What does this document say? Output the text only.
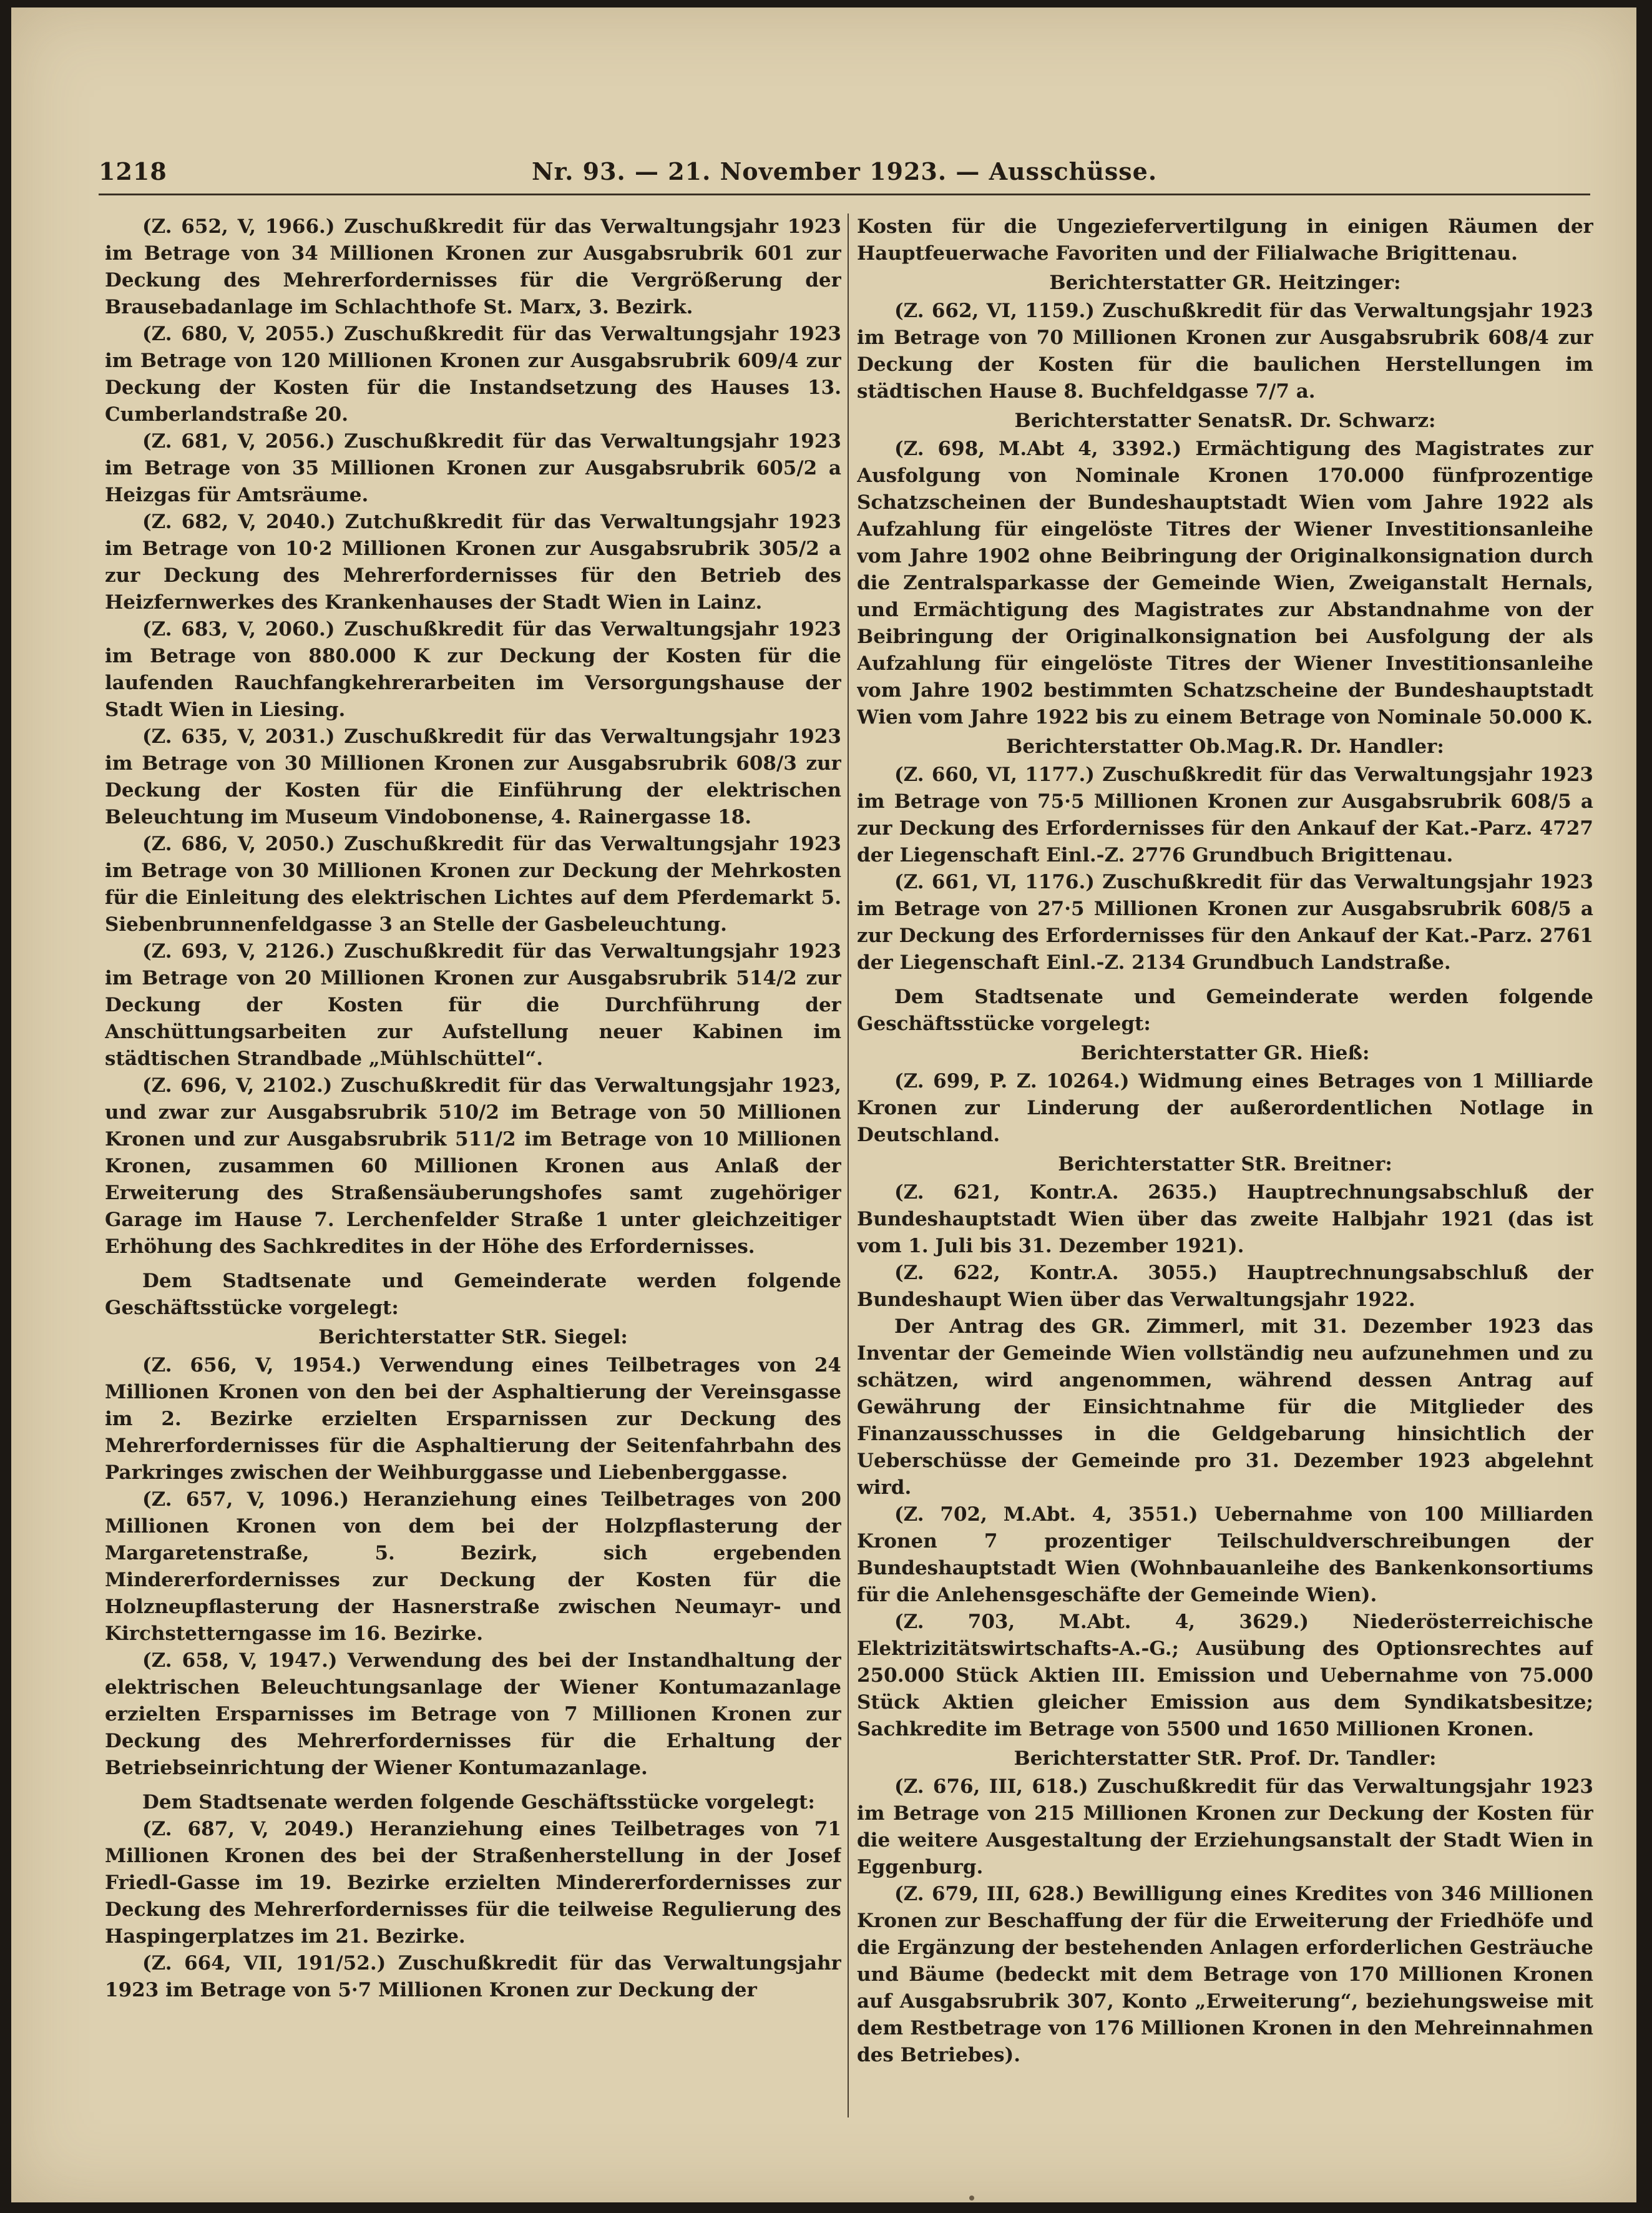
1218	Nr. 93. — 21. November 1923. — Ausschüsse.

(Z. 652, V, 1966.) Zuschußkredit für das Verwaltungsjahr 1923 im Betrage von 34 Millionen Kronen zur Ausgabsrubrik 601 zur Deckung des Mehrerfordernisses für die Vergrößerung der Brausebadanlage im Schlachthofe St. Marx, 3. Bezirk.

(Z. 680, V, 2055.) Zuschußkredit für das Verwaltungsjahr 1923 im Betrage von 120 Millionen Kronen zur Ausgabsrubrik 609/4 zur Deckung der Kosten für die Instandsetzung des Hauses 13. Cumberlandstraße 20.

(Z. 681, V, 2056.) Zuschußkredit für das Verwaltungsjahr 1923 im Betrage von 35 Millionen Kronen zur Ausgabsrubrik 605/2 a Heizgas für Amtsräume.

(Z. 682, V, 2040.) Zutchußkredit für das Verwaltungsjahr 1923 im Betrage von 10·2 Millionen Kronen zur Ausgabsrubrik 305/2 a zur Deckung des Mehrerfordernisses für den Betrieb des Heizfernwerkes des Krankenhauses der Stadt Wien in Lainz.

(Z. 683, V, 2060.) Zuschußkredit für das Verwaltungsjahr 1923 im Betrage von 880.000 K zur Deckung der Kosten für die laufenden Rauchfangkehrerarbeiten im Versorgungshause der Stadt Wien in Liesing.

(Z. 635, V, 2031.) Zuschußkredit für das Verwaltungsjahr 1923 im Betrage von 30 Millionen Kronen zur Ausgabsrubrik 608/3 zur Deckung der Kosten für die Einführung der elektrischen Beleuchtung im Museum Vindobonense, 4. Rainergasse 18.

(Z. 686, V, 2050.) Zuschußkredit für das Verwaltungsjahr 1923 im Betrage von 30 Millionen Kronen zur Deckung der Mehrkosten für die Einleitung des elektrischen Lichtes auf dem Pferdemarkt 5. Siebenbrunnenfeldgasse 3 an Stelle der Gasbeleuchtung.

(Z. 693, V, 2126.) Zuschußkredit für das Verwaltungsjahr 1923 im Betrage von 20 Millionen Kronen zur Ausgabsrubrik 514/2 zur Deckung der Kosten für die Durchführung der Anschüttungsarbeiten zur Aufstellung neuer Kabinen im städtischen Strandbade „Mühlschüttel“.

(Z. 696, V, 2102.) Zuschußkredit für das Verwaltungsjahr 1923, und zwar zur Ausgabsrubrik 510/2 im Betrage von 50 Millionen Kronen und zur Ausgabsrubrik 511/2 im Betrage von 10 Millionen Kronen, zusammen 60 Millionen Kronen aus Anlaß der Erweiterung des Straßensäuberungshofes samt zugehöriger Garage im Hause 7. Lerchenfelder Straße 1 unter gleichzeitiger Erhöhung des Sachkredites in der Höhe des Erfordernisses.

Dem Stadtsenate und Gemeinderate werden folgende Geschäftsstücke vorgelegt:

Berichterstatter StR. Siegel:

(Z. 656, V, 1954.) Verwendung eines Teilbetrages von 24 Millionen Kronen von den bei der Asphaltierung der Vereinsgasse im 2. Bezirke erzielten Ersparnissen zur Deckung des Mehrerfordernisses für die Asphaltierung der Seitenfahrbahn des Parkringes zwischen der Weihburggasse und Liebenberggasse.

(Z. 657, V, 1096.) Heranziehung eines Teilbetrages von 200 Millionen Kronen von dem bei der Holzpflasterung der Margaretenstraße, 5. Bezirk, sich ergebenden Mindererfordernisses zur Deckung der Kosten für die Holzneupflasterung der Hasnerstraße zwischen Neumayr- und Kirchstetterngasse im 16. Bezirke.

(Z. 658, V, 1947.) Verwendung des bei der Instandhaltung der elektrischen Beleuchtungsanlage der Wiener Kontumazanlage erzielten Ersparnisses im Betrage von 7 Millionen Kronen zur Deckung des Mehrerfordernisses für die Erhaltung der Betriebseinrichtung der Wiener Kontumazanlage.

Dem Stadtsenate werden folgende Geschäftsstücke vorgelegt:

(Z. 687, V, 2049.) Heranziehung eines Teilbetrages von 71 Millionen Kronen des bei der Straßenherstellung in der Josef Friedl-Gasse im 19. Bezirke erzielten Mindererfordernisses zur Deckung des Mehrerfordernisses für die teilweise Regulierung des Haspingerplatzes im 21. Bezirke.

(Z. 664, VII, 191/52.) Zuschußkredit für das Verwaltungsjahr 1923 im Betrage von 5·7 Millionen Kronen zur Deckung der

Kosten für die Ungeziefervertilgung in einigen Räumen der Hauptfeuerwache Favoriten und der Filialwache Brigittenau.

Berichterstatter GR. Heitzinger:

(Z. 662, VI, 1159.) Zuschußkredit für das Verwaltungsjahr 1923 im Betrage von 70 Millionen Kronen zur Ausgabsrubrik 608/4 zur Deckung der Kosten für die baulichen Herstellungen im städtischen Hause 8. Buchfeldgasse 7/7 a.

Berichterstatter SenatsR. Dr. Schwarz:

(Z. 698, M.Abt 4, 3392.) Ermächtigung des Magistrates zur Ausfolgung von Nominale Kronen 170.000 fünfprozentige Schatzscheinen der Bundeshauptstadt Wien vom Jahre 1922 als Aufzahlung für eingelöste Titres der Wiener Investitionsanleihe vom Jahre 1902 ohne Beibringung der Originalkonsignation durch die Zentralsparkasse der Gemeinde Wien, Zweiganstalt Hernals, und Ermächtigung des Magistrates zur Abstandnahme von der Beibringung der Originalkonsignation bei Ausfolgung der als Aufzahlung für eingelöste Titres der Wiener Investitionsanleihe vom Jahre 1902 bestimmten Schatzscheine der Bundeshauptstadt Wien vom Jahre 1922 bis zu einem Betrage von Nominale 50.000 K.

Berichterstatter Ob.Mag.R. Dr. Handler:

(Z. 660, VI, 1177.) Zuschußkredit für das Verwaltungsjahr 1923 im Betrage von 75·5 Millionen Kronen zur Ausgabsrubrik 608/5 a zur Deckung des Erfordernisses für den Ankauf der Kat.-Parz. 4727 der Liegenschaft Einl.-Z. 2776 Grundbuch Brigittenau.

(Z. 661, VI, 1176.) Zuschußkredit für das Verwaltungsjahr 1923 im Betrage von 27·5 Millionen Kronen zur Ausgabsrubrik 608/5 a zur Deckung des Erfordernisses für den Ankauf der Kat.-Parz. 2761 der Liegenschaft Einl.-Z. 2134 Grundbuch Landstraße.

Dem Stadtsenate und Gemeinderate werden folgende Geschäftsstücke vorgelegt:

Berichterstatter GR. Hieß:

(Z. 699, P. Z. 10264.) Widmung eines Betrages von 1 Milliarde Kronen zur Linderung der außerordentlichen Notlage in Deutschland.

Berichterstatter StR. Breitner:

(Z. 621, Kontr.A. 2635.) Hauptrechnungsabschluß der Bundeshauptstadt Wien über das zweite Halbjahr 1921 (das ist vom 1. Juli bis 31. Dezember 1921).

(Z. 622, Kontr.A. 3055.) Hauptrechnungsabschluß der Bundeshaupt Wien über das Verwaltungsjahr 1922.

Der Antrag des GR. Zimmerl, mit 31. Dezember 1923 das Inventar der Gemeinde Wien vollständig neu aufzunehmen und zu schätzen, wird angenommen, während dessen Antrag auf Gewährung der Einsichtnahme für die Mitglieder des Finanzausschusses in die Geldgebarung hinsichtlich der Ueberschüsse der Gemeinde pro 31. Dezember 1923 abgelehnt wird.

(Z. 702, M.Abt. 4, 3551.) Uebernahme von 100 Milliarden Kronen 7 prozentiger Teilschuldverschreibungen der Bundeshauptstadt Wien (Wohnbauanleihe des Bankenkonsortiums für die Anlehensgeschäfte der Gemeinde Wien).

(Z. 703, M.Abt. 4, 3629.) Niederösterreichische Elektrizitätswirtschafts-A.-G.; Ausübung des Optionsrechtes auf 250.000 Stück Aktien III. Emission und Uebernahme von 75.000 Stück Aktien gleicher Emission aus dem Syndikatsbesitze; Sachkredite im Betrage von 5500 und 1650 Millionen Kronen.

Berichterstatter StR. Prof. Dr. Tandler:

(Z. 676, III, 618.) Zuschußkredit für das Verwaltungsjahr 1923 im Betrage von 215 Millionen Kronen zur Deckung der Kosten für die weitere Ausgestaltung der Erziehungsanstalt der Stadt Wien in Eggenburg.

(Z. 679, III, 628.) Bewilligung eines Kredites von 346 Millionen Kronen zur Beschaffung der für die Erweiterung der Friedhöfe und die Ergänzung der bestehenden Anlagen erforderlichen Gesträuche und Bäume (bedeckt mit dem Betrage von 170 Millionen Kronen auf Ausgabsrubrik 307, Konto „Erweiterung“, beziehungsweise mit dem Restbetrage von 176 Millionen Kronen in den Mehreinnahmen des Betriebes).
